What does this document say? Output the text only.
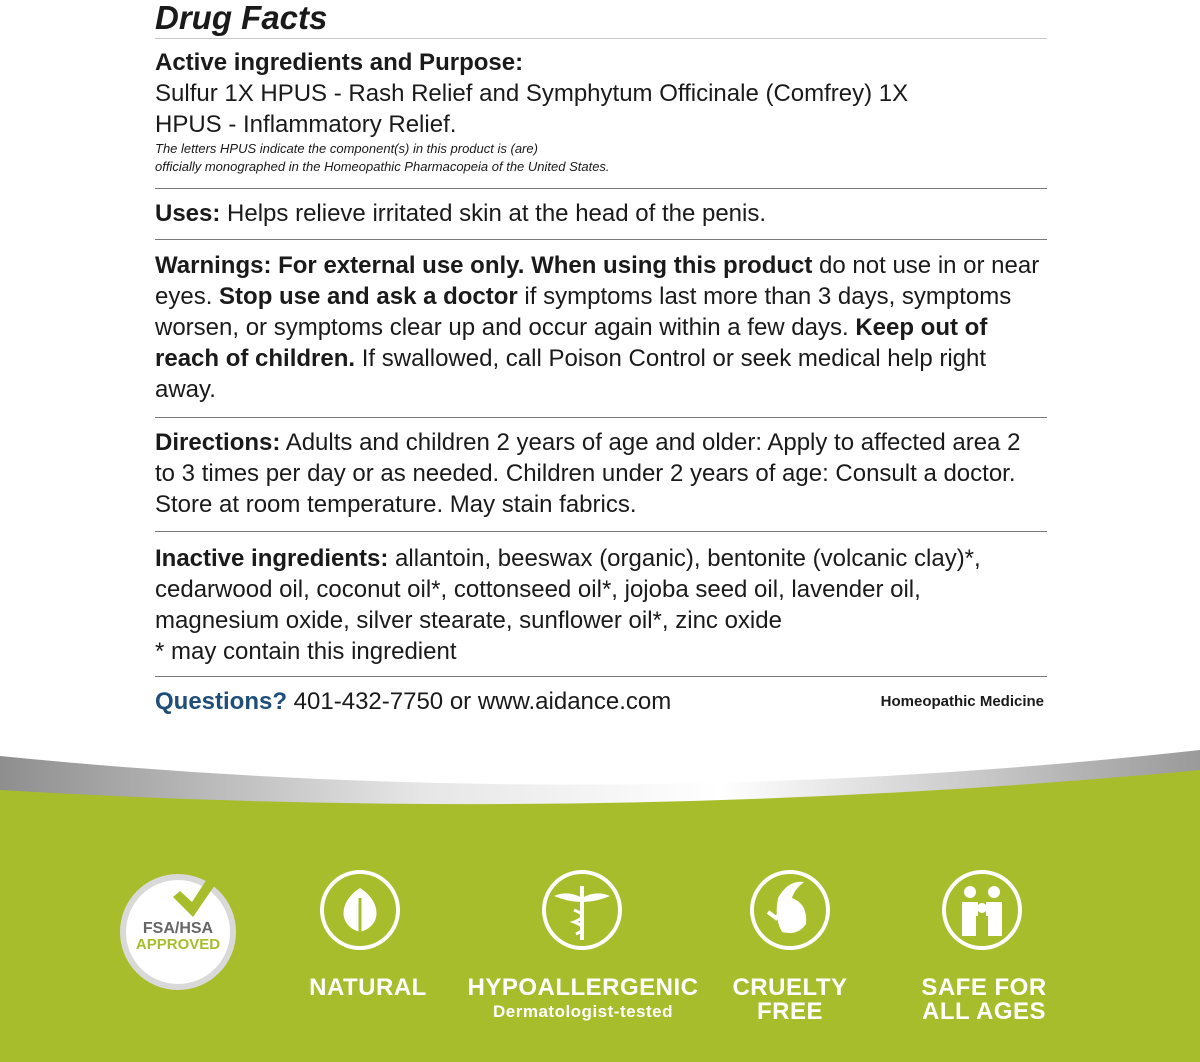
Drug Facts

Active ingredients and Purpose:

Sulfur 1X HPUS - Rash Relief and Symphytum Officinale (Comfrey) 1X

HPUS - Inflammatory Relief.

The letters HPUS indicate the component(s) in this product is (are)

officially monographed in the Homeopathic Pharmacopeia of the United States.

Uses: Helps relieve irritated skin at the head of the penis.

Warnings: For external use only. When using this product do not use in or near eyes. Stop use and ask a doctor if symptoms last more than 3 days, symptoms worsen, or symptoms clear up and occur again within a few days. Keep out of reach of children. If swallowed, call Poison Control or seek medical help right away.

Directions: Adults and children 2 years of age and older: Apply to affected area 2 to 3 times per day or as needed. Children under 2 years of age: Consult a doctor. Store at room temperature. May stain fabrics.

Inactive ingredients: allantoin, beeswax (organic), bentonite (volcanic clay)*, cedarwood oil, coconut oil*, cottonseed oil*, jojoba seed oil, lavender oil, magnesium oxide, silver stearate, sunflower oil*, zinc oxide

* may contain this ingredient

Questions? 401-432-7750 or www.aidance.com	Homeopathic Medicine
FSA/HSA
APPROVED
NATURAL	HYPOALLERGENIC
Dermatologist-tested
CRUELTY
FREE
SAFE FOR
ALL AGES
